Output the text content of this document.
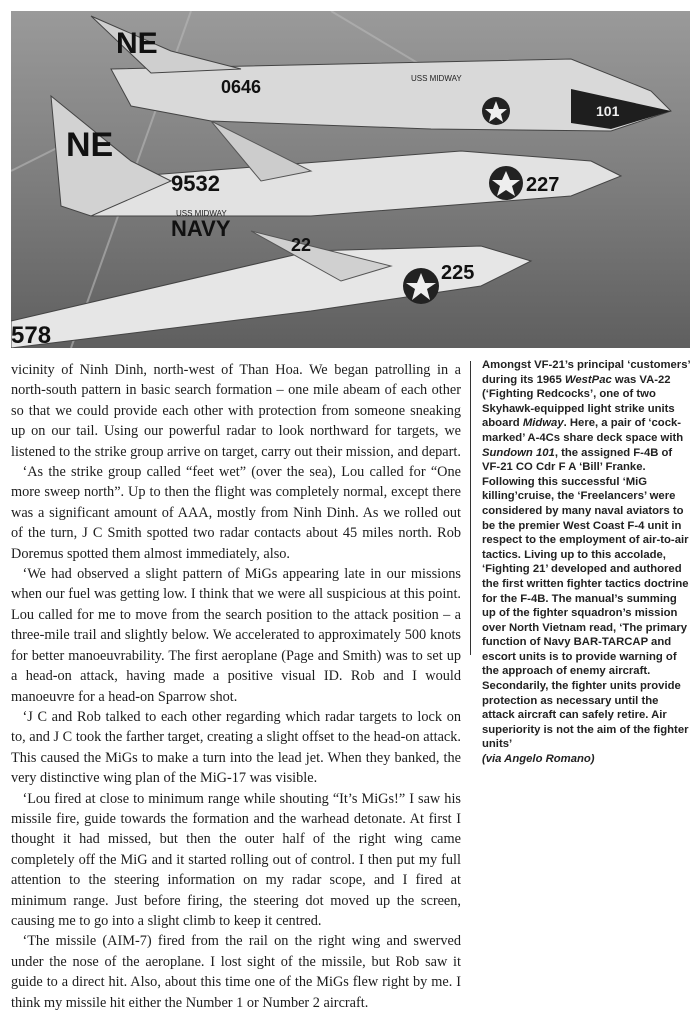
NE
0646	USS MIDWAY
101
NE
9532
USS MIDWAY
NAVY
227
225
22
578

vicinity of Ninh Dinh, north-west of Than Hoa. We began patrolling in a north-south pattern in basic search formation – one mile abeam of each other so that we could provide each other with protection from someone sneaking up on our tail. Using our powerful radar to look northward for targets, we listened to the strike group arrive on target, carry out their mission, and depart.

‘As the strike group called “feet wet” (over the sea), Lou called for “One more sweep north”. Up to then the flight was completely normal, except there was a significant amount of AAA, mostly from Ninh Dinh. As we rolled out of the turn, J C Smith spotted two radar contacts about 45 miles north. Rob Doremus spotted them almost immediately, also.

‘We had observed a slight pattern of MiGs appearing late in our missions when our fuel was getting low. I think that we were all suspicious at this point. Lou called for me to move from the search position to the attack position – a three-mile trail and slightly below. We accelerated to approximately 500 knots for better manoeuvrability. The first aeroplane (Page and Smith) was to set up a head-on attack, having made a positive visual ID. Rob and I would manoeuvre for a head-on Sparrow shot.

‘J C and Rob talked to each other regarding which radar targets to lock on to, and J C took the farther target, creating a slight offset to the head-on attack. This caused the MiGs to make a turn into the lead jet. When they banked, the very distinctive wing plan of the MiG-17 was visible.

‘Lou fired at close to minimum range while shouting “It’s MiGs!” I saw his missile fire, guide towards the formation and the warhead detonate. At first I thought it had missed, but then the outer half of the right wing came completely off the MiG and it started rolling out of control. I then put my full attention to the steering information on my radar scope, and I fired at minimum range. Just before firing, the steering dot moved up the screen, causing me to go into a slight climb to keep it centred.

‘The missile (AIM-7) fired from the rail on the right wing and swerved under the nose of the aeroplane. I lost sight of the missile, but Rob saw it guide to a direct hit. Also, about this time one of the MiGs flew right by me. I think my missile hit either the Number 1 or Number 2 aircraft.

Amongst VF-21’s principal ‘customers’ during its 1965 WestPac was VA-22 (‘Fighting Redcocks’, one of two Skyhawk-equipped light strike units aboard Midway. Here, a pair of ‘cock-marked’ A-4Cs share deck space with Sundown 101, the assigned F-4B of VF-21 CO Cdr F A ‘Bill’ Franke. Following this successful ‘MiG killing’cruise, the ‘Freelancers’ were considered by many naval aviators to be the premier West Coast F-4 unit in respect to the employment of air-to-air tactics. Living up to this accolade, ‘Fighting 21’ developed and authored the first written fighter tactics doctrine for the F-4B. The manual’s summing up of the fighter squadron’s mission over North Vietnam read, ‘The primary function of Navy BAR-TARCAP and escort units is to provide warning of the approach of enemy aircraft. Secondarily, the fighter units provide protection as necessary until the attack aircraft can safely retire. Air superiority is not the aim of the fighter units’
(via Angelo Romano)
